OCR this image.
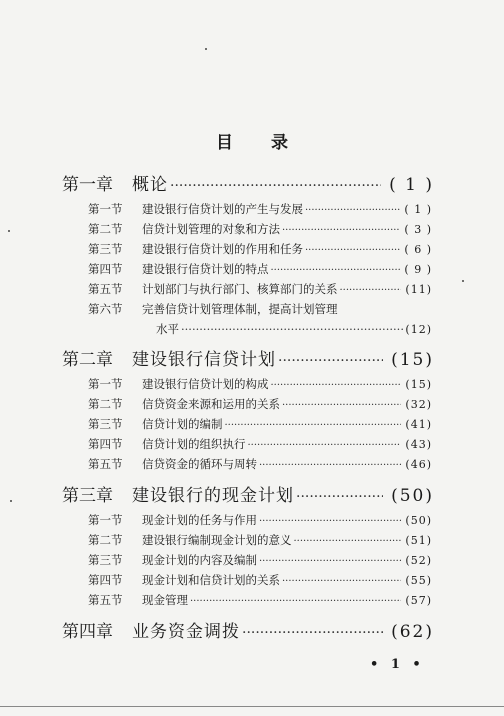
目 录
第一章	概论 ·····	( 1 )
第一节	建设银行信贷计划的产生与发展 ·····	( 1 )
第二节	信贷计划管理的对象和方法 ·····	( 3 )
第三节	建设银行信贷计划的作用和任务 ·····	( 6 )
第四节	建设银行信贷计划的特点 ·····	( 9 )
第五节	计划部门与执行部门、核算部门的关系 ·····	(11)
第六节	完善信贷计划管理体制，提高计划管理
水平 ·····	(12)
第二章	建设银行信贷计划 ·····	(15)
第一节	建设银行信贷计划的构成 ·····	(15)
第二节	信贷资金来源和运用的关系 ·····	(32)
第三节	信贷计划的编制 ·····	(41)
第四节	信贷计划的组织执行 ·····	(43)
第五节	信贷资金的循环与周转 ·····	(46)
第三章	建设银行的现金计划 ·····	(50)
第一节	现金计划的任务与作用 ·····	(50)
第二节	建设银行编制现金计划的意义 ·····	(51)
第三节	现金计划的内容及编制 ·····	(52)
第四节	现金计划和信贷计划的关系 ·····	(55)
第五节	现金管理 ·····	(57)
第四章	业务资金调拨 ·····	(62)
• 1 •
